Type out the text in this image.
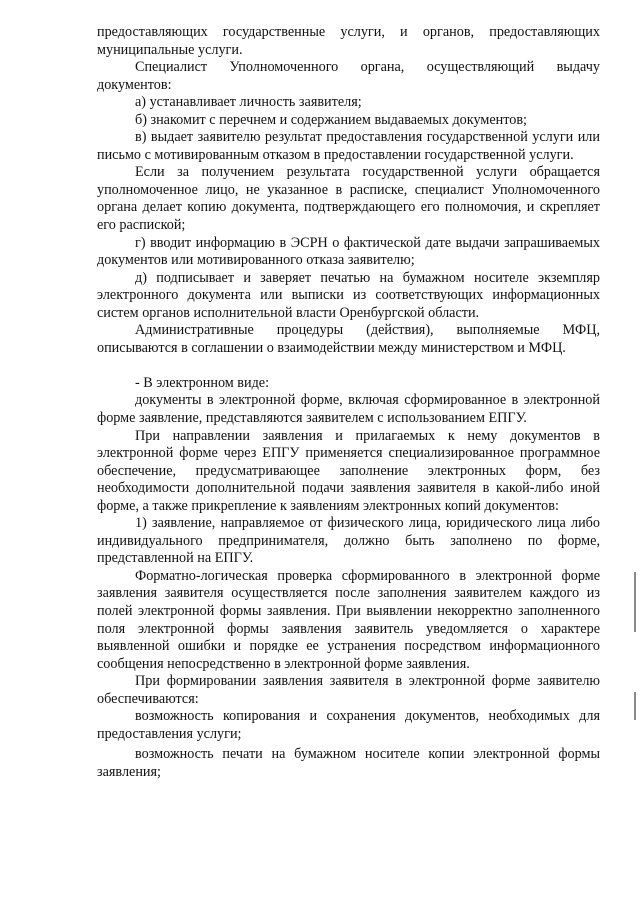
предоставляющих государственные услуги, и органов, предоставляющих муниципальные услуги.

Специалист Уполномоченного органа, осуществляющий выдачу документов:

а) устанавливает личность заявителя;

б) знакомит с перечнем и содержанием выдаваемых документов;

в) выдает заявителю результат предоставления государственной услуги или письмо с мотивированным отказом в предоставлении государственной услуги.

Если за получением результата государственной услуги обращается уполномоченное лицо, не указанное в расписке, специалист Уполномоченного органа делает копию документа, подтверждающего его полномочия, и скрепляет его распиской;

г) вводит информацию в ЭСРН о фактической дате выдачи запрашиваемых документов или мотивированного отказа заявителю;

д) подписывает и заверяет печатью на бумажном носителе экземпляр электронного документа или выписки из соответствующих информационных систем органов исполнительной власти Оренбургской области.

Административные процедуры (действия), выполняемые МФЦ, описываются в соглашении о взаимодействии между министерством и МФЦ.

- В электронном виде:

документы в электронной форме, включая сформированное в электронной форме заявление, представляются заявителем с использованием ЕПГУ.

При направлении заявления и прилагаемых к нему документов в электронной форме через ЕПГУ применяется специализированное программное обеспечение, предусматривающее заполнение электронных форм, без необходимости дополнительной подачи заявления заявителя в какой-либо иной форме, а также прикрепление к заявлениям электронных копий документов:

1) заявление, направляемое от физического лица, юридического лица либо индивидуального предпринимателя, должно быть заполнено по форме, представленной на ЕПГУ.

Форматно-логическая проверка сформированного в электронной форме заявления заявителя осуществляется после заполнения заявителем каждого из полей электронной формы заявления. При выявлении некорректно заполненного поля электронной формы заявления заявитель уведомляется о характере выявленной ошибки и порядке ее устранения посредством информационного сообщения непосредственно в электронной форме заявления.

При формировании заявления заявителя в электронной форме заявителю обеспечиваются:

возможность копирования и сохранения документов, необходимых для предоставления услуги;

возможность печати на бумажном носителе копии электронной формы заявления;
